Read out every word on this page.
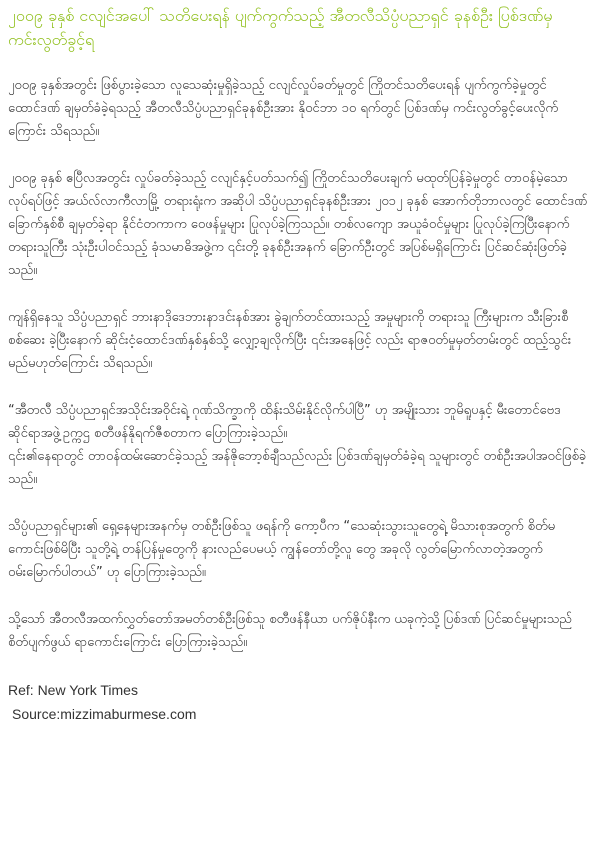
၂၀၀၉ ခုနှစ် ငလျင်အပေါ် သတိပေးရန် ပျက်ကွက်သည့် အီတလီသိပ္ပံပညာရှင် ခုနစ်ဦး ပြစ်ဒဏ်မှ ကင်းလွတ်ခွင့်ရ

၂၀၀၉ ခုနှစ်အတွင်း ဖြစ်ပွားခဲ့သော လူသေဆုံးမှုရှိခဲ့သည့် ငလျင်လှုပ်ခတ်မှုတွင် ကြိုတင်သတိပေးရန် ပျက်ကွက်ခဲ့မှုတွင် ထောင်ဒဏ် ချမှတ်ခံခဲ့ရသည့် အီတလီသိပ္ပံပညာရှင်ခုနစ်ဦးအား နိုဝင်ဘာ ၁၀ ရက်တွင် ပြစ်ဒဏ်မှ ကင်းလွတ်ခွင့်ပေးလိုက် ကြောင်း သိရသည်။

၂၀၀၉ ခုနှစ် ဧပြီလအတွင်း လှုပ်ခတ်ခဲ့သည့် ငလျင်နှင့်ပတ်သက်၍ ကြိုတင်သတိပေးချက် မထုတ်ပြန်ခဲ့မှုတွင် တာဝန်မဲ့သောလုပ်ရပ်ဖြင့် အယ်လ်လာကီလာမြို့ တရားရုံးက အဆိုပါ သိပ္ပံပညာရှင်ခုနစ်ဦးအား ၂၀၁၂ ခုနှစ် အောက်တိုဘာလတွင် ထောင်ဒဏ် ခြောက်နှစ်စီ ချမှတ်ခဲ့ရာ နိုင်ငံတကာက ဝေဖန်မှုများ ပြုလုပ်ခဲ့ကြသည်။ တစ်လကျော အယူခံဝင်မှုများ ပြုလုပ်ခဲ့ကြပြီးနောက် တရားသူကြီး သုံးဦးပါဝင်သည့် ခုံသမာဓိအဖွဲ့က ၎င်းတို့ ခုနစ်ဦးအနက် ခြောက်ဦးတွင် အပြစ်မရှိကြောင်း ပြင်ဆင်ဆုံးဖြတ်ခဲ့သည်။

ကျန်ရှိနေသူ သိပ္ပံပညာရှင် ဘားနာဒိုဒေဘားနာဒင်းနစ်အား ခွဲချက်တင်ထားသည့် အမှုများကို တရားသူ ကြီးများက သီးခြားစီ စစ်ဆေး ခဲ့ပြီးနောက် ဆိုင်းငံ့ထောင်ဒဏ်နှစ်နှစ်သို့ လျှော့ချလိုက်ပြီး ၎င်းအနေဖြင့် လည်း ရာဇဝတ်မှုမှတ်တမ်းတွင် ထည့်သွင်းမည်မဟုတ်ကြောင်း သိရသည်။

“အီတလီ သိပ္ပံပညာရှင်အသိုင်းအဝိုင်းရဲ့ ဂုဏ်သိက္ခာကို ထိန်းသိမ်းနိုင်လိုက်ပါပြီ” ဟု အမျိုးသား ဘူမိရူပနှင့် မီးတောင်ဗေဒဆိုင်ရာအဖွဲ့ဥက္ကဌ စတီဖန်နိုရက်ဇီစတာက ပြောကြားခဲ့သည်။

၎င်း၏နေရာတွင် တာဝန်ထမ်းဆောင်ခဲ့သည့် အန်ဇိုဘော့စ်ချီသည်လည်း ပြစ်ဒဏ်ချမှတ်ခံခဲ့ရ သူများတွင် တစ်ဦးအပါအဝင်ဖြစ်ခဲ့သည်။

သိပ္ပံပညာရှင်များ၏ ရှေ့နေများအနက်မှ တစ်ဦးဖြစ်သူ ဖရန်ကို ကော့ပီက “သေဆုံးသွားသူတွေရဲ့ မိသားစုအတွက် စိတ်မကောင်းဖြစ်မိပြီး သူတို့ရဲ့ တန်ပြန်မှုတွေကို နားလည်ပေမယ့် ကျွန်တော်တို့လူ တွေ အခုလို လွတ်မြောက်လာတဲ့အတွက် ဝမ်းမြောက်ပါတယ်” ဟု ပြောကြားခဲ့သည်။

သို့သော် အီတလီအထက်လွှတ်တော်အမတ်တစ်ဦးဖြစ်သူ စတီဖန်နီယာ ပက်ဇိုပ်နီးက ယခုကဲ့သို့ ပြစ်ဒဏ် ပြင်ဆင်မှုများသည် စိတ်ပျက်ဖွယ် ရာကောင်းကြောင်း ပြောကြားခဲ့သည်။

Ref: New York Times
Source:mizzimaburmese.com
